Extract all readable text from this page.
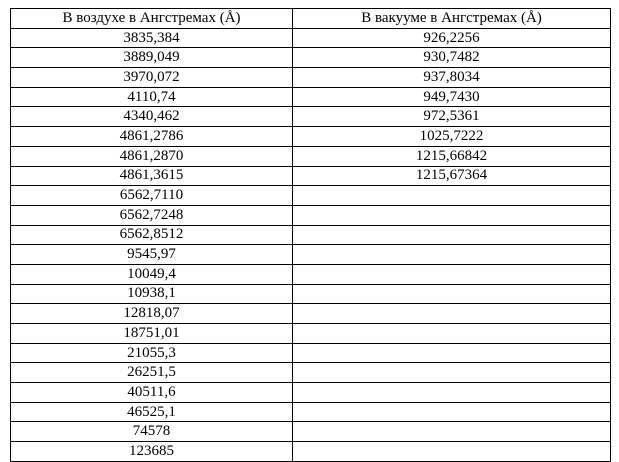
В воздухе в Ангстремах (Å)	В вакууме в Ангстремах (Å)
3835,384	926,2256
3889,049	930,7482
3970,072	937,8034
4110,74	949,7430
4340,462	972,5361
4861,2786	1025,7222
4861,2870	1215,66842
4861,3615	1215,67364
6562,7110	
6562,7248	
6562,8512	
9545,97	
10049,4	
10938,1	
12818,07	
18751,01	
21055,3	
26251,5	
40511,6	
46525,1	
74578	
123685	
